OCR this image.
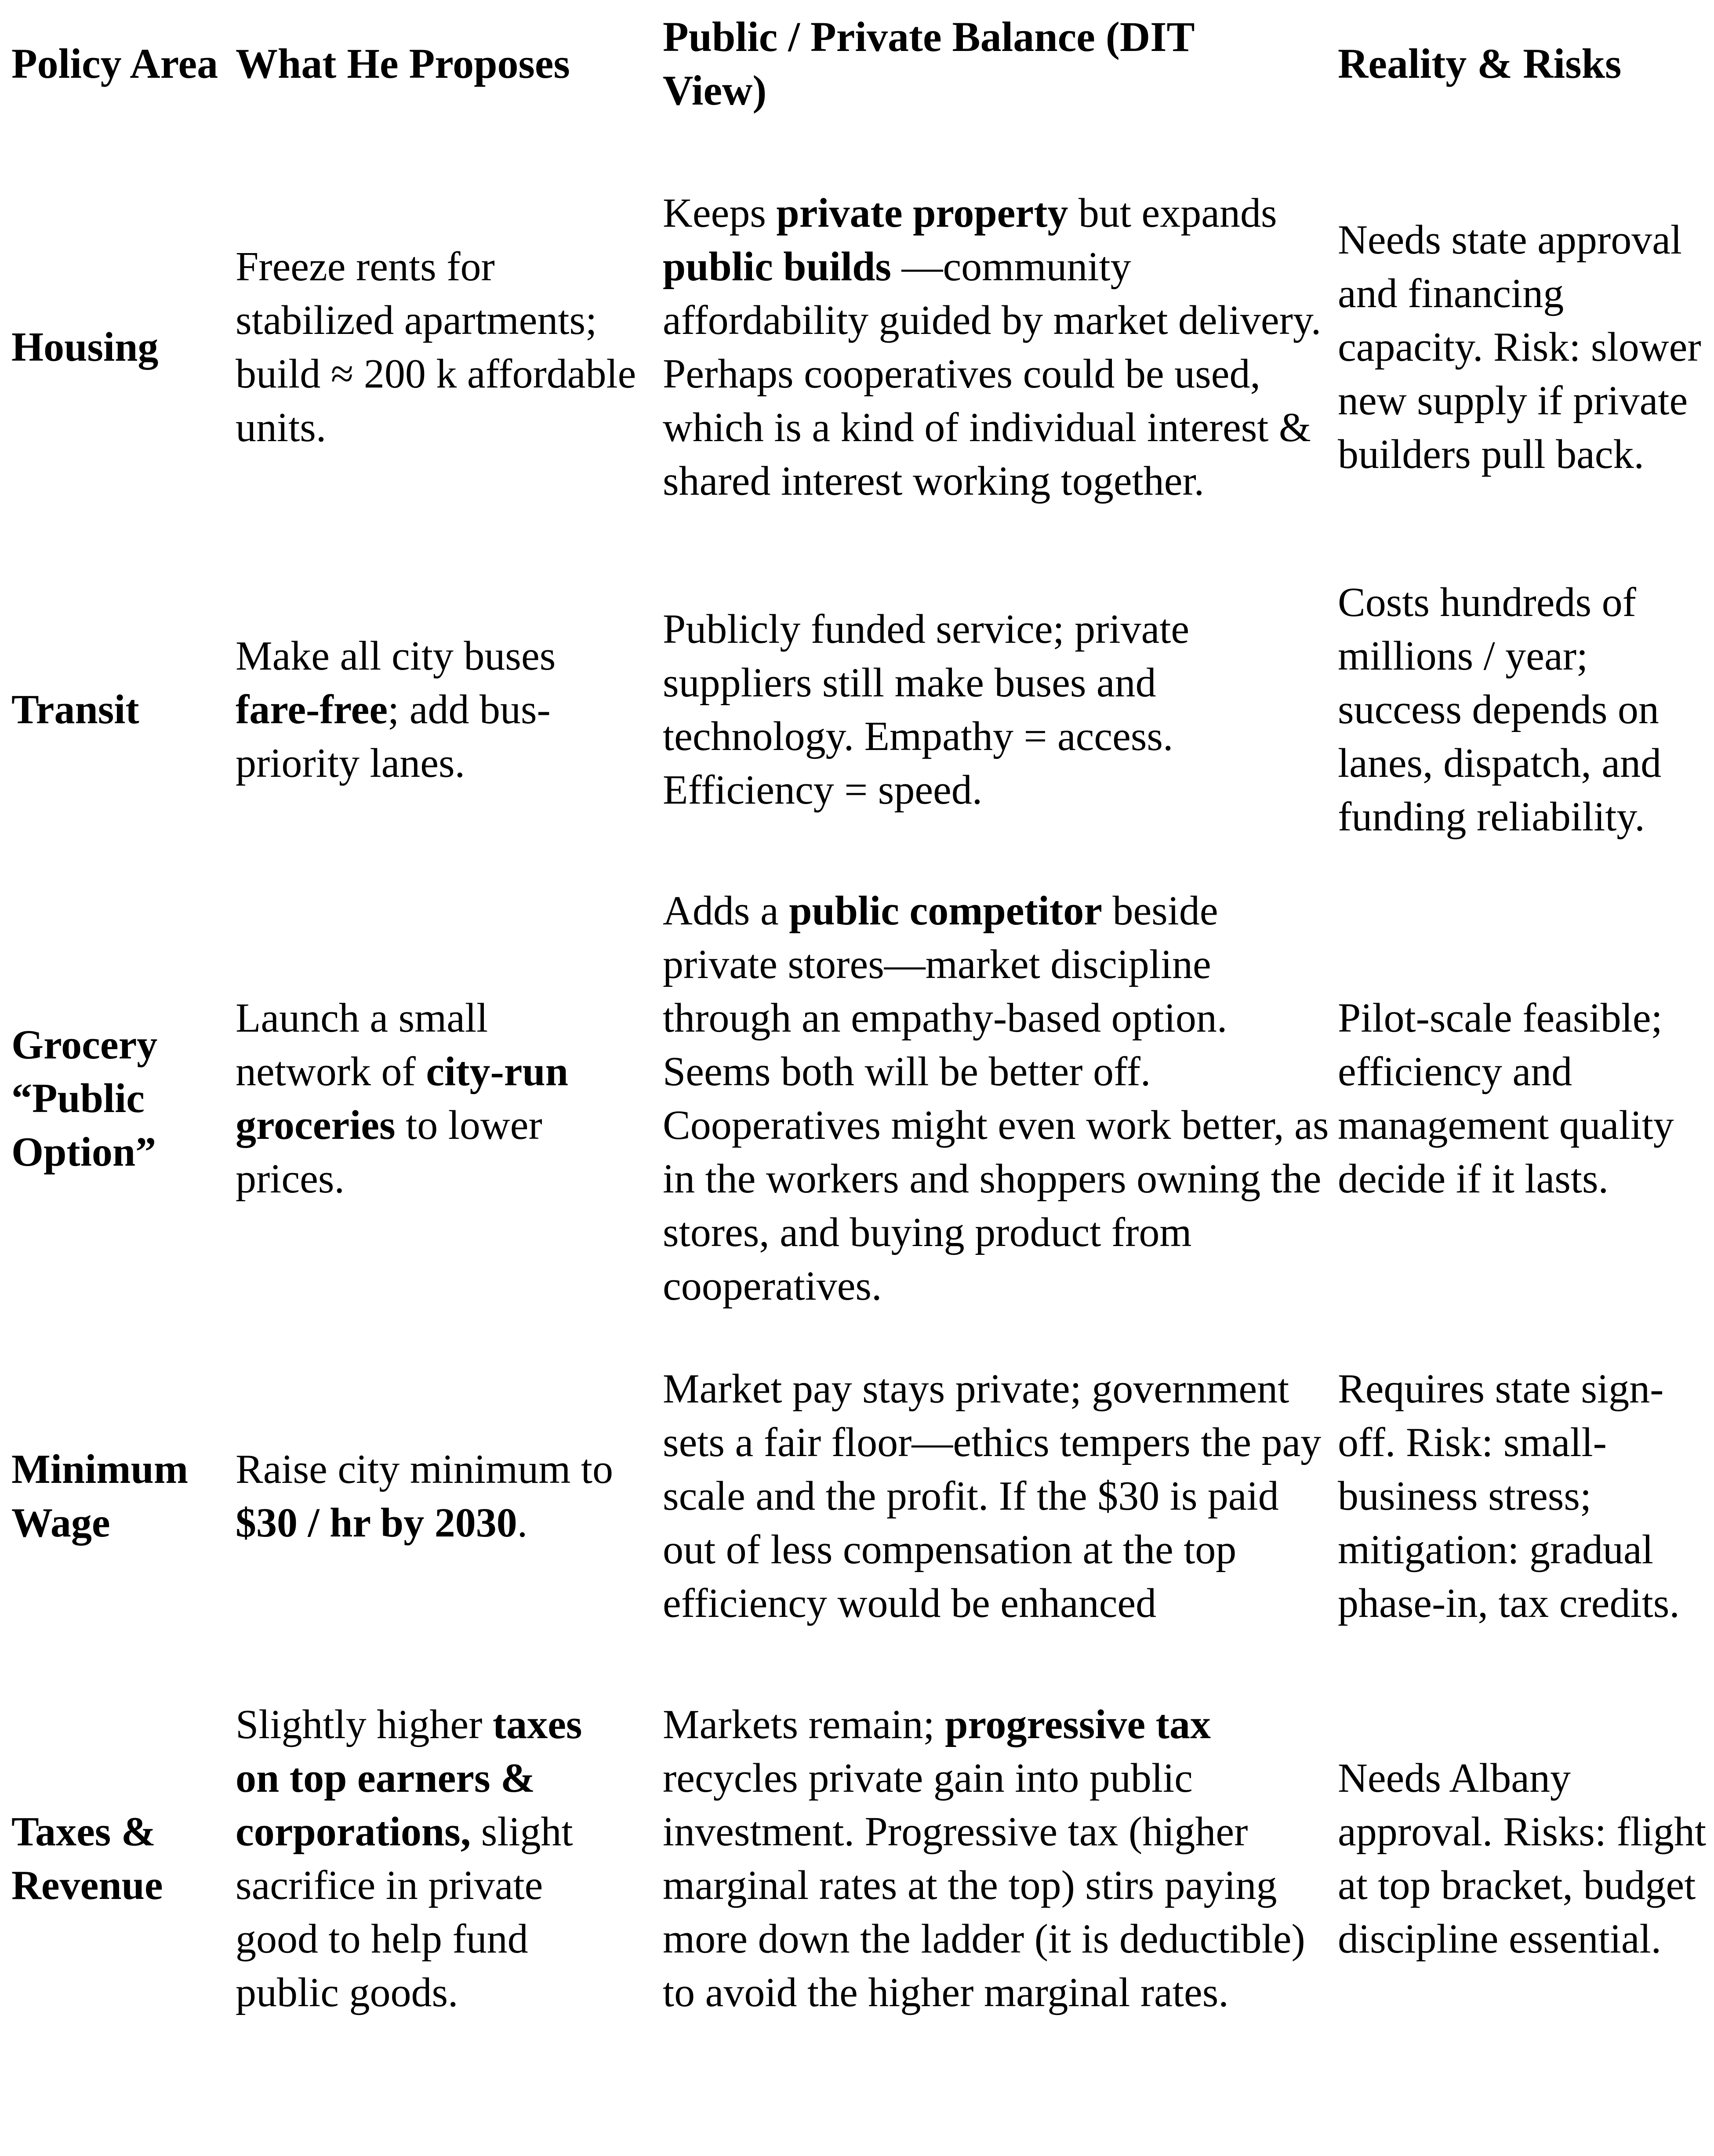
Policy Area What He Proposes

Public / Private Balance (DIT View)

Reality & Risks

Housing

Freeze rents for stabilized apartments; build ≈ 200 k affordable units.

Keeps private property but expands public builds —community affordability guided by market delivery. Perhaps cooperatives could be used, which is a kind of individual interest & shared interest working together.

Needs state approval and financing capacity. Risk: slower new supply if private builders pull back.

Transit

Make all city buses fare-free; add bus-priority lanes.

Publicly funded service; private suppliers still make buses and technology. Empathy = access. Efficiency = speed.

Costs hundreds of millions / year; success depends on lanes, dispatch, and funding reliability.

Grocery “Public Option”

Launch a small network of city-run groceries to lower prices.

Adds a public competitor beside private stores—market discipline through an empathy-based option. Seems both will be better off. Cooperatives might even work better, as in the workers and shoppers owning the stores, and buying product from cooperatives.

Pilot-scale feasible; efficiency and management quality decide if it lasts.

Minimum Wage

Raise city minimum to $30 / hr by 2030.

Market pay stays private; government sets a fair floor—ethics tempers the pay scale and the profit. If the $30 is paid out of less compensation at the top efficiency would be enhanced

Requires state sign-off. Risk: small-business stress; mitigation: gradual phase-in, tax credits.

Taxes & Revenue

Slightly higher taxes on top earners & corporations, slight sacrifice in private good to help fund public goods.

Markets remain; progressive tax recycles private gain into public investment. Progressive tax (higher marginal rates at the top) stirs paying more down the ladder (it is deductible) to avoid the higher marginal rates.

Needs Albany approval. Risks: flight at top bracket, budget discipline essential.
